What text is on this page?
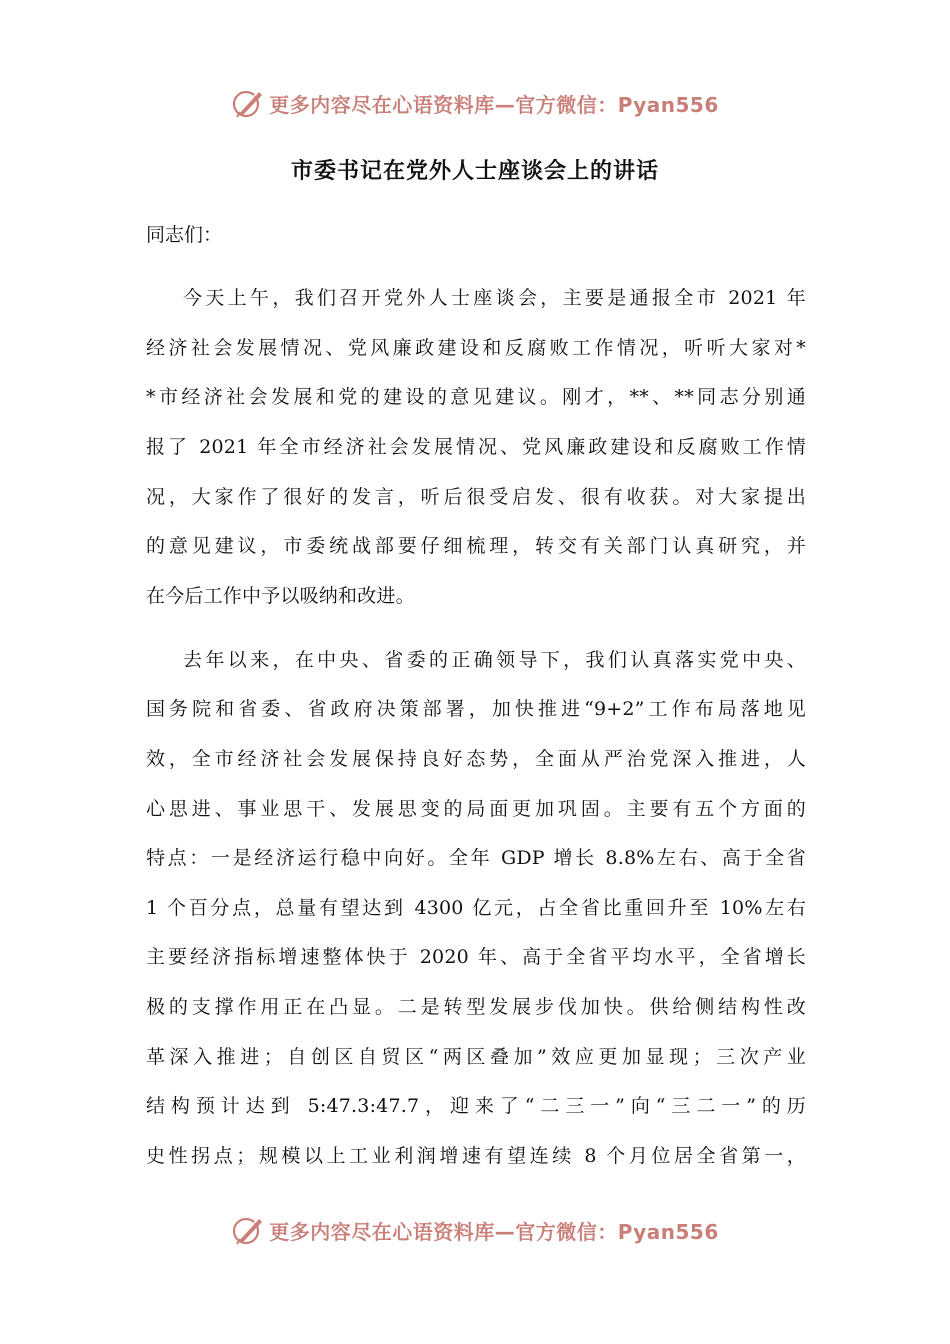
更多内容尽在心语资料库—官方微信：Pyan556
市委书记在党外人士座谈会上的讲话

同志们：

今天上午，我们召开党外人士座谈会，主要是通报全市 2021 年

经济社会发展情况、党风廉政建设和反腐败工作情况，听听大家对*

*市经济社会发展和党的建设的意见建议。刚才，**、**同志分别通

报了 2021 年全市经济社会发展情况、党风廉政建设和反腐败工作情

况，大家作了很好的发言，听后很受启发、很有收获。对大家提出

的意见建议，市委统战部要仔细梳理，转交有关部门认真研究，并

在今后工作中予以吸纳和改进。

去年以来，在中央、省委的正确领导下，我们认真落实党中央、

国务院和省委、省政府决策部署，加快推进“9+2”工作布局落地见

效，全市经济社会发展保持良好态势，全面从严治党深入推进，人

心思进、事业思干、发展思变的局面更加巩固。主要有五个方面的

特点：一是经济运行稳中向好。全年 GDP 增长 8.8%左右、高于全省

1 个百分点，总量有望达到 4300 亿元，占全省比重回升至 10%左右

主要经济指标增速整体快于 2020 年、高于全省平均水平，全省增长

极的支撑作用正在凸显。二是转型发展步伐加快。供给侧结构性改

革深入推进；自创区自贸区“两区叠加”效应更加显现；三次产业

结构预计达到 5:47.3:47.7，迎来了“二三一”向“三二一”的历

史性拐点；规模以上工业利润增速有望连续 8 个月位居全省第一，

更多内容尽在心语资料库—官方微信：Pyan556
